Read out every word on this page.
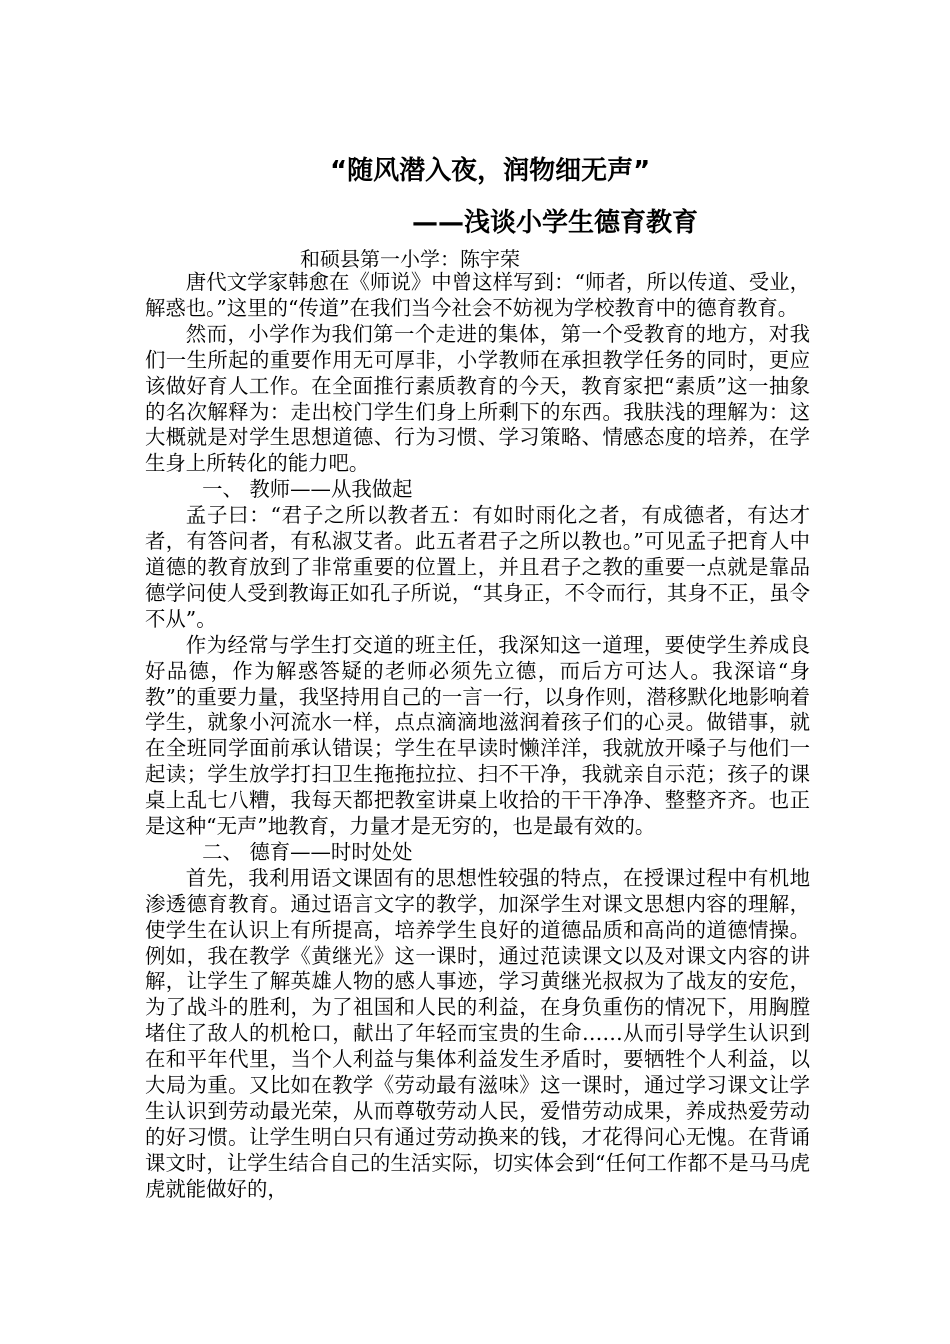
“随风潜入夜，润物细无声”
——浅谈小学生德育教育
和硕县第一小学：陈宇荣

唐代文学家韩愈在《师说》中曾这样写到：“师者，所以传道、受业，解惑也。”这里的“传道”在我们当今社会不妨视为学校教育中的德育教育。

然而，小学作为我们第一个走进的集体，第一个受教育的地方，对我们一生所起的重要作用无可厚非，小学教师在承担教学任务的同时，更应该做好育人工作。在全面推行素质教育的今天，教育家把“素质”这一抽象的名次解释为：走出校门学生们身上所剩下的东西。我肤浅的理解为：这大概就是对学生思想道德、行为习惯、学习策略、情感态度的培养，在学生身上所转化的能力吧。

一、 教师——从我做起

孟子曰：“君子之所以教者五：有如时雨化之者，有成德者，有达才者，有答问者，有私淑艾者。此五者君子之所以教也。”可见孟子把育人中道德的教育放到了非常重要的位置上，并且君子之教的重要一点就是靠品德学问使人受到教诲正如孔子所说，“其身正，不令而行，其身不正，虽令不从”。

作为经常与学生打交道的班主任，我深知这一道理，要使学生养成良好品德，作为解惑答疑的老师必须先立德，而后方可达人。我深谙“身教”的重要力量，我坚持用自己的一言一行，以身作则，潜移默化地影响着学生，就象小河流水一样，点点滴滴地滋润着孩子们的心灵。做错事，就在全班同学面前承认错误；学生在早读时懒洋洋，我就放开嗓子与他们一起读；学生放学打扫卫生拖拖拉拉、扫不干净，我就亲自示范；孩子的课桌上乱七八糟，我每天都把教室讲桌上收拾的干干净净、整整齐齐。也正是这种“无声”地教育，力量才是无穷的，也是最有效的。

二、 德育——时时处处

首先，我利用语文课固有的思想性较强的特点，在授课过程中有机地渗透德育教育。通过语言文字的教学，加深学生对课文思想内容的理解，使学生在认识上有所提高，培养学生良好的道德品质和高尚的道德情操。例如，我在教学《黄继光》这一课时，通过范读课文以及对课文内容的讲解，让学生了解英雄人物的感人事迹，学习黄继光叔叔为了战友的安危，为了战斗的胜利，为了祖国和人民的利益，在身负重伤的情况下，用胸膛堵住了敌人的机枪口，献出了年轻而宝贵的生命……从而引导学生认识到在和平年代里，当个人利益与集体利益发生矛盾时，要牺牲个人利益，以大局为重。又比如在教学《劳动最有滋味》这一课时，通过学习课文让学生认识到劳动最光荣，从而尊敬劳动人民，爱惜劳动成果，养成热爱劳动的好习惯。让学生明白只有通过劳动换来的钱，才花得问心无愧。在背诵课文时，让学生结合自己的生活实际，切实体会到“任何工作都不是马马虎虎就能做好的，
